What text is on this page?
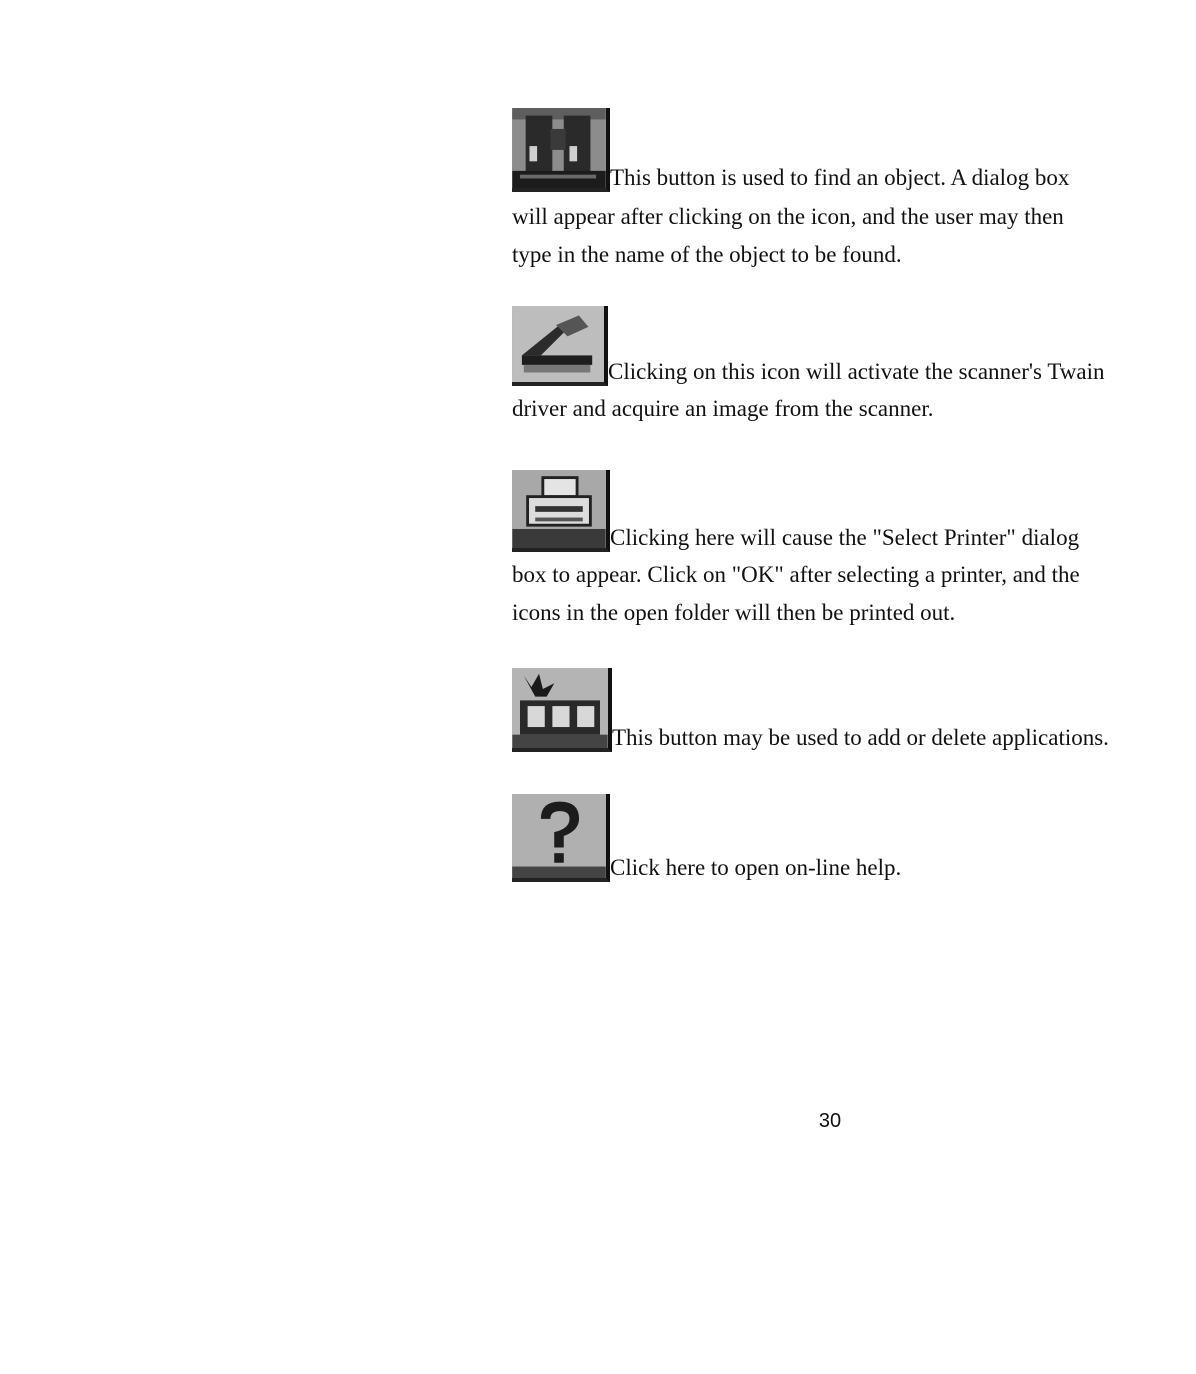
This button is used to find an object. A dialog box

will appear after clicking on the icon, and the user may then

type in the name of the object to be found.

Clicking on this icon will activate the scanner's Twain

driver and acquire an image from the scanner.

Clicking here will cause the "Select Printer" dialog

box to appear. Click on "OK" after selecting a printer, and the

icons in the open folder will then be printed out.

This button may be used to add or delete applications.
Click here to open on-line help.
30
